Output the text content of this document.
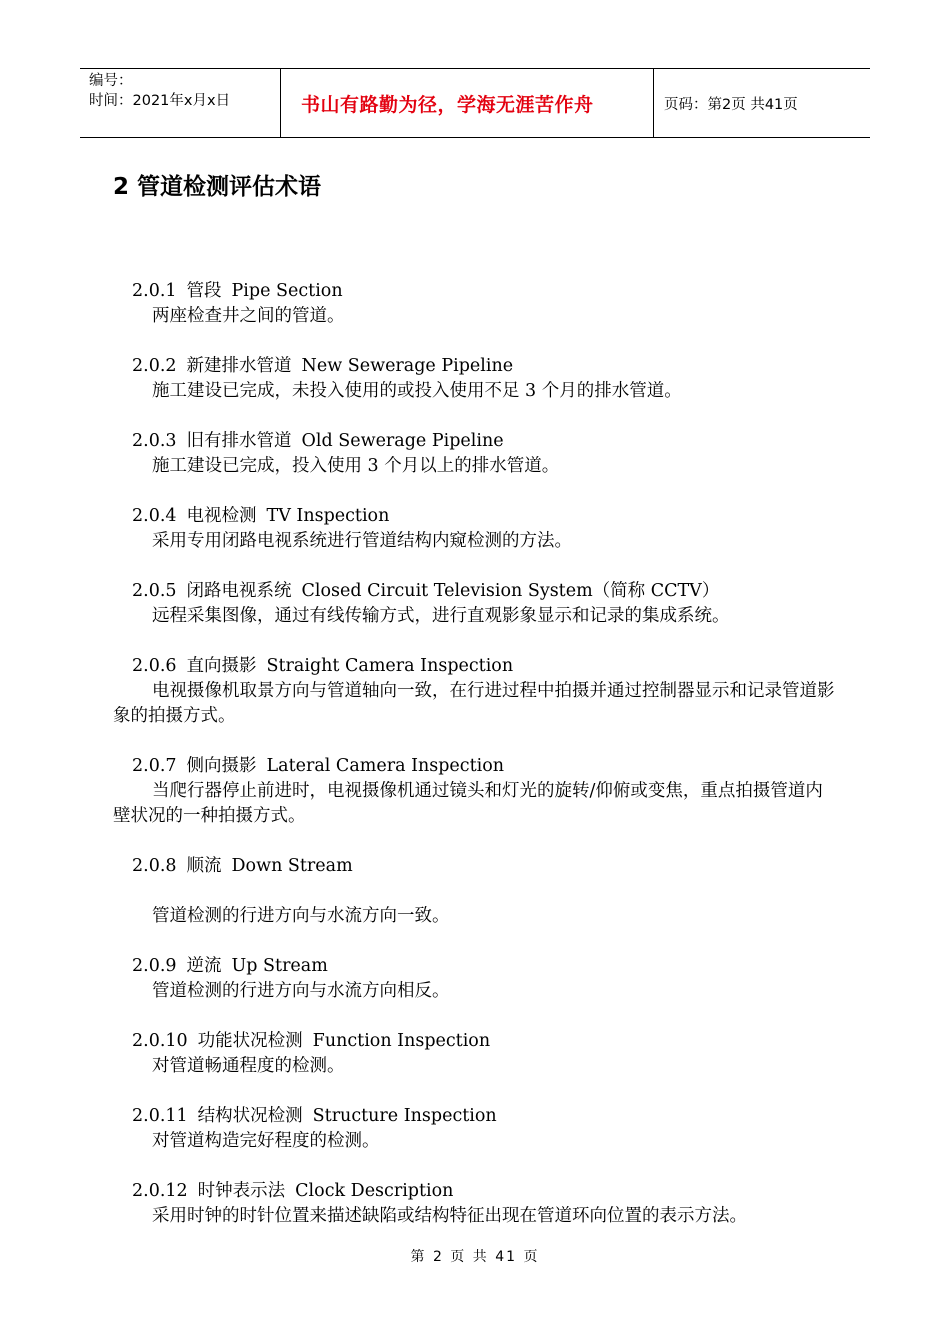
编号：
时间：2021年x月x日	书山有路勤为径，学海无涯苦作舟	页码：第2页 共41页
2 管道检测评估术语
2.0.1 管段 Pipe Section
两座检查井之间的管道。
2.0.2 新建排水管道 New Sewerage Pipeline
施工建设已完成，未投入使用的或投入使用不足 3 个月的排水管道。
2.0.3 旧有排水管道 Old Sewerage Pipeline
施工建设已完成，投入使用 3 个月以上的排水管道。
2.0.4 电视检测 TV Inspection
采用专用闭路电视系统进行管道结构内窥检测的方法。
2.0.5 闭路电视系统 Closed Circuit Television System（简称 CCTV）
远程采集图像，通过有线传输方式，进行直观影象显示和记录的集成系统。
2.0.6 直向摄影 Straight Camera Inspection
电视摄像机取景方向与管道轴向一致，在行进过程中拍摄并通过控制器显示和记录管道影象的拍摄方式。
2.0.7 侧向摄影 Lateral Camera Inspection
当爬行器停止前进时，电视摄像机通过镜头和灯光的旋转/仰俯或变焦，重点拍摄管道内壁状况的一种拍摄方式。
2.0.8 顺流 Down Stream
管道检测的行进方向与水流方向一致。
2.0.9 逆流 Up Stream
管道检测的行进方向与水流方向相反。
2.0.10 功能状况检测 Function Inspection
对管道畅通程度的检测。
2.0.11 结构状况检测 Structure Inspection
对管道构造完好程度的检测。
2.0.12 时钟表示法 Clock Description
采用时钟的时针位置来描述缺陷或结构特征出现在管道环向位置的表示方法。
第 2 页 共 41 页
